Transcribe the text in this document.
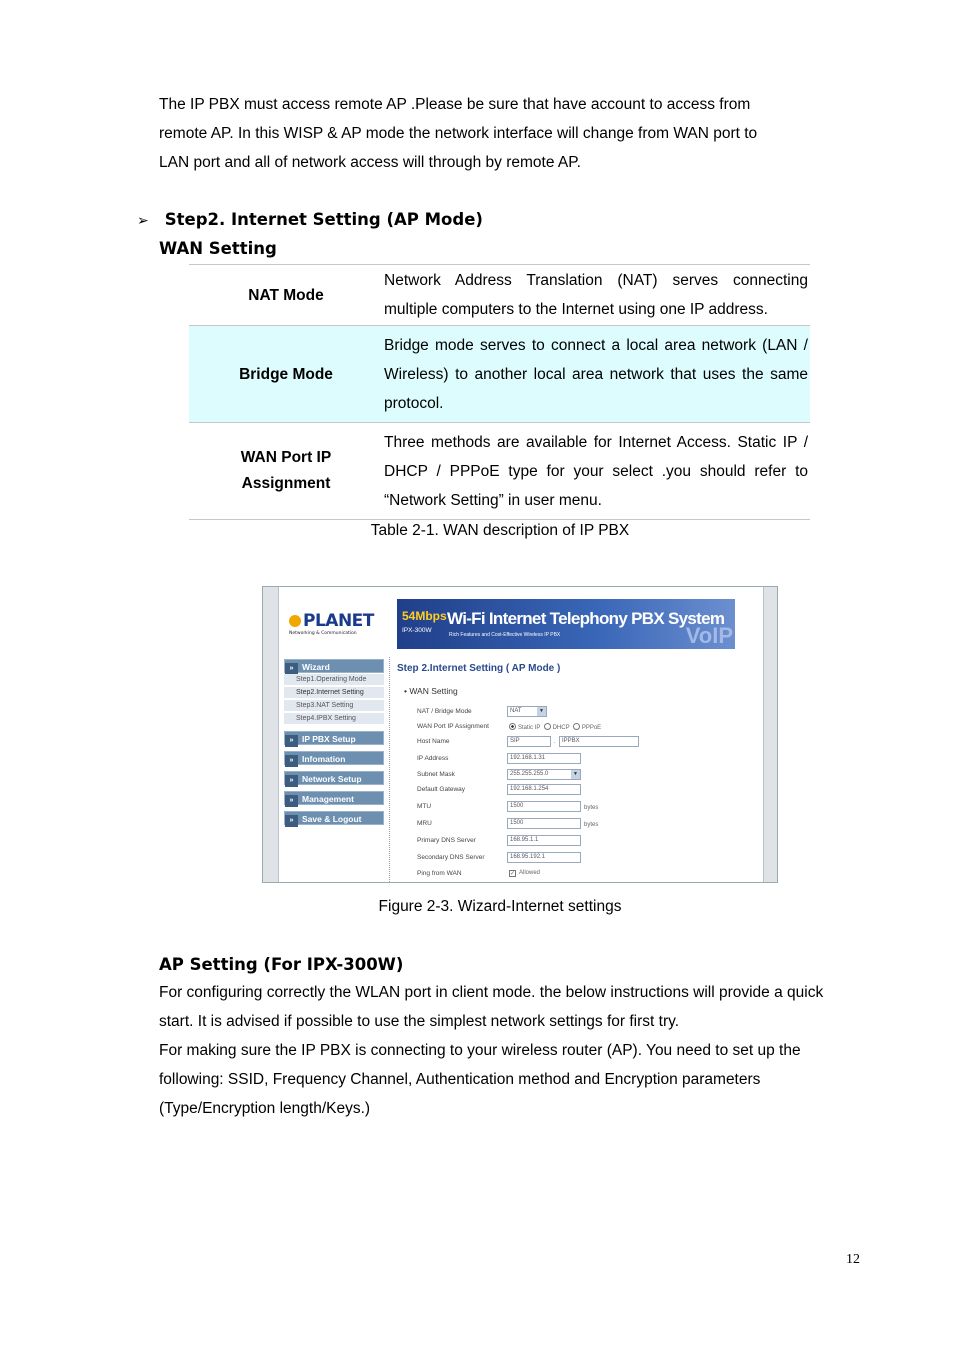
The IP PBX must access remote AP .Please be sure that have account to access from
remote AP. In this WISP & AP mode the network interface will change from WAN port to
LAN port and all of network access will through by remote AP.
➢ Step2. Internet Setting (AP Mode)
WAN Setting
NAT Mode	Network Address Translation (NAT) serves connecting multiple computers to the Internet using one IP address.
Bridge Mode	Bridge mode serves to connect a local area network (LAN / Wireless) to another local area network that uses the same protocol.
WAN Port IP Assignment	Three methods are available for Internet Access. Static IP / DHCP / PPPoE type for your select .you should refer to “Network Setting” in user menu.
Table 2-1. WAN description of IP PBX
PLANET
Networking & Communication
54Mbps
IPX-300W
Wi-Fi Internet Telephony PBX System
Rich Features and Cost-Effective Wireless IP PBX	VoIP
» Wizard
Step1.Operating Mode
Step2.Internet Setting
Step3.NAT Setting
Step4.IPBX Setting
» IP PBX Setup
» Infomation
» Network Setup
» Management
» Save & Logout
Step 2.Internet Setting ( AP Mode )
• WAN Setting
NAT / Bridge Mode	NAT	▼
WAN Port IP Assignment	Static IP DHCP PPPoE
Host Name	SIP	.	IPPBX
IP Address	192.168.1.31
Subnet Mask	255.255.255.0	▼
Default Gateway	192.168.1.254
MTU	1500	bytes
MRU	1500	bytes
Primary DNS Server	168.95.1.1
Secondary DNS Server	168.95.192.1
Ping from WAN	✓ Allowed
Figure 2-3. Wizard-Internet settings
AP Setting (For IPX-300W)
For configuring correctly the WLAN port in client mode. the below instructions will provide a quick
start. It is advised if possible to use the simplest network settings for first try.
For making sure the IP PBX is connecting to your wireless router (AP). You need to set up the
following: SSID, Frequency Channel, Authentication method and Encryption parameters
(Type/Encryption length/Keys.)
12
